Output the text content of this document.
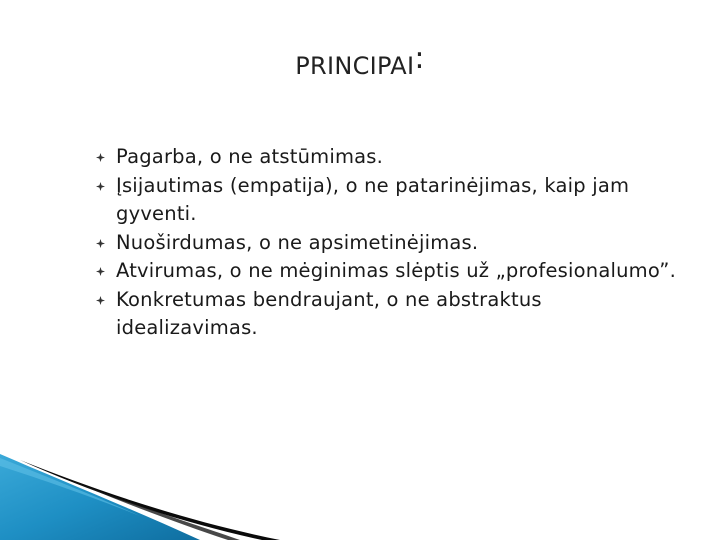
PRINCIPAI:
Pagarba, o ne atstūmimas.
Įsijautimas (empatija), o ne patarinėjimas, kaip jam gyventi.
Nuoširdumas, o ne apsimetinėjimas.
Atvirumas, o ne mėginimas slėptis už „profesionalumo”.
Konkretumas bendraujant, o ne abstraktus idealizavimas.
